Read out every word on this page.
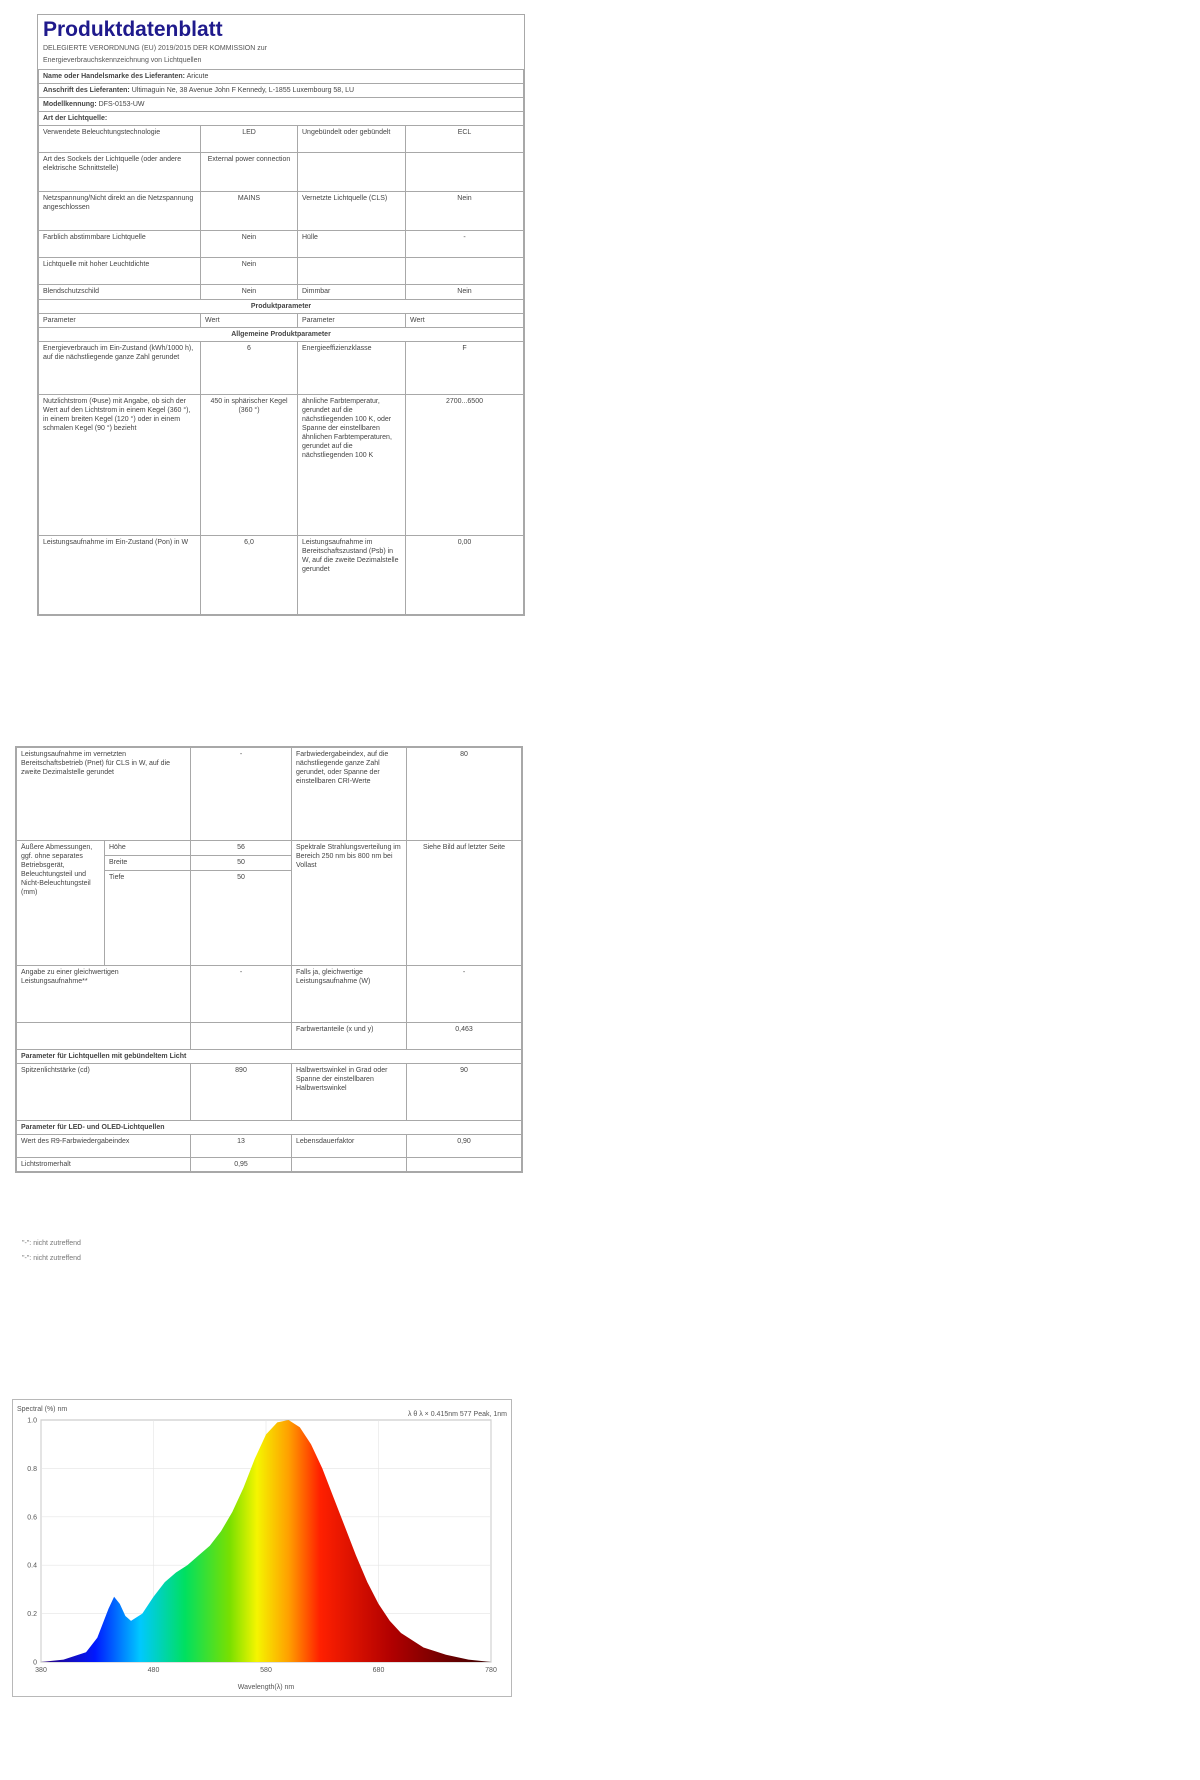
Produktdatenblatt
DELEGIERTE VERORDNUNG (EU) 2019/2015 DER KOMMISSION zur
Energieverbrauchskennzeichnung von Lichtquellen
Name oder Handelsmarke des Lieferanten: Aricute			
Anschrift des Lieferanten: Ultimaguin Ne, 38 Avenue John F Kennedy, L-1855 Luxembourg 58, LU			
Modellkennung: DFS-0153-UW			
Art der Lichtquelle:			
Verwendete Beleuchtungstechnologie	LED	Ungebündelt oder gebündelt	ECL
Art des Sockels der Lichtquelle (oder andere elektrische Schnittstelle)	External power connection		
Netzspannung/Nicht direkt an die Netzspannung angeschlossen	MAINS	Vernetzte Lichtquelle (CLS)	Nein
Farblich abstimmbare Lichtquelle	Nein	Hülle	-
Lichtquelle mit hoher Leuchtdichte	Nein		
Blendschutzschild	Nein	Dimmbar	Nein
Produktparameter			
Parameter	Wert	Parameter	Wert
Allgemeine Produktparameter			
Energieverbrauch im Ein-Zustand (kWh/1000 h), auf die nächstliegende ganze Zahl gerundet	6	Energieeffizienzklasse	F
Nutzlichtstrom (Φuse) mit Angabe, ob sich der Wert auf den Lichtstrom in einem Kegel (360 °), in einem breiten Kegel (120 °) oder in einem schmalen Kegel (90 °) bezieht	450 in sphärischer Kegel (360 °)	ähnliche Farbtemperatur, gerundet auf die nächstliegenden 100 K, oder Spanne der einstellbaren ähnlichen Farbtemperaturen, gerundet auf die nächstliegenden 100 K	2700...6500
Leistungsaufnahme im Ein-Zustand (Pon) in W	6,0	Leistungsaufnahme im Bereitschaftszustand (Psb) in W, auf die zweite Dezimalstelle gerundet	0,00
Leistungsaufnahme im vernetzten Bereitschaftsbetrieb (Pnet) für CLS in W, auf die zweite Dezimalstelle gerundet		-	Farbwiedergabeindex, auf die nächstliegende ganze Zahl gerundet, oder Spanne der einstellbaren CRI-Werte	80
Äußere Abmessungen, ggf. ohne separates Betriebsgerät, Beleuchtungsteil und Nicht-Beleuchtungsteil (mm)	Höhe	56	Spektrale Strahlungsverteilung im Bereich 250 nm bis 800 nm bei Vollast	Siehe Bild auf letzter Seite
	Breite	50		
	Tiefe	50		
Angabe zu einer gleichwertigen Leistungsaufnahme**		-	Falls ja, gleichwertige Leistungsaufnahme (W)	-
			Farbwertanteile (x und y)	0,463
Parameter für Lichtquellen mit gebündeltem Licht				
Spitzenlichtstärke (cd)		890	Halbwertswinkel in Grad oder Spanne der einstellbaren Halbwertswinkel	90
Parameter für LED- und OLED-Lichtquellen				
Wert des R9-Farbwiedergabeindex		13	Lebensdauerfaktor	0,90
Lichtstromerhalt		0,95		
"-": nicht zutreffend
"-": nicht zutreffend
Spectral (%) nm
λ θ λ × 0.415nm 577 Peak, 1nm
0
0.2
0.4
0.6
0.8
1.0
380	480	580	680	780
Wavelength(λ) nm
